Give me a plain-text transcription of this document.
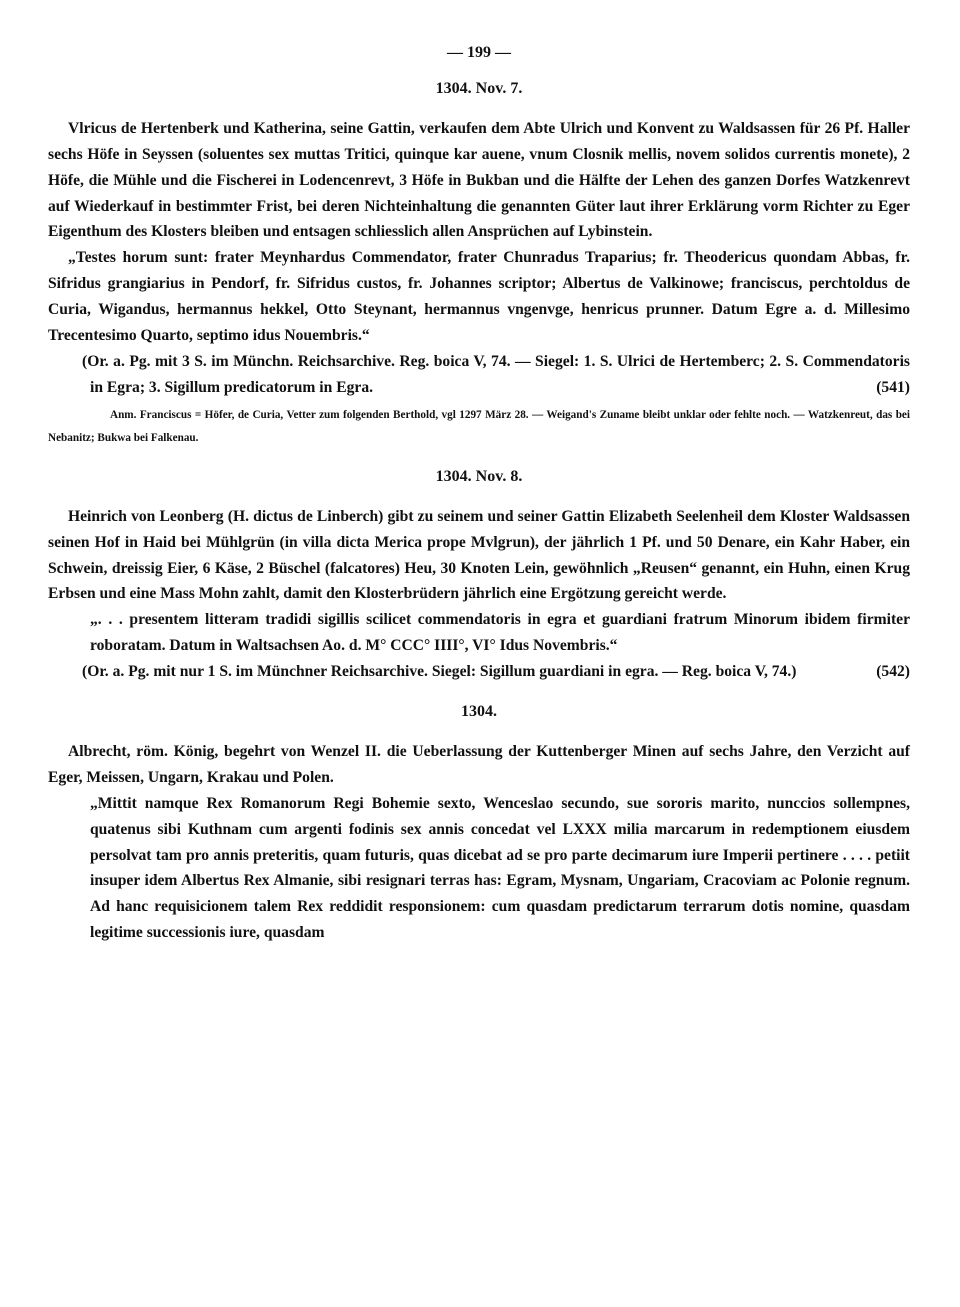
— 199 —
1304. Nov. 7.

Vlricus de Hertenberk und Katherina, seine Gattin, verkaufen dem Abte Ulrich und Konvent zu Waldsassen für 26 Pf. Haller sechs Höfe in Seyssen (soluentes sex muttas Tritici, quinque kar auene, vnum Closnik mellis, novem solidos currentis monete), 2 Höfe, die Mühle und die Fischerei in Lodencenrevt, 3 Höfe in Bukban und die Hälfte der Lehen des ganzen Dorfes Watzkenrevt auf Wiederkauf in bestimmter Frist, bei deren Nichteinhaltung die genannten Güter laut ihrer Erklärung vorm Richter zu Eger Eigenthum des Klosters bleiben und entsagen schliesslich allen Ansprüchen auf Lybinstein.

„Testes horum sunt: frater Meynhardus Commendator, frater Chunradus Traparius; fr. Theodericus quondam Abbas, fr. Sifridus grangiarius in Pendorf, fr. Sifridus custos, fr. Johannes scriptor; Albertus de Valkinowe; franciscus, perchtoldus de Curia, Wigandus, hermannus hekkel, Otto Steynant, hermannus vngenvge, henricus prunner. Datum Egre a. d. Millesimo Trecentesimo Quarto, septimo idus Nouembris.“

(Or. a. Pg. mit 3 S. im Münchn. Reichsarchive. Reg. boica V, 74. — Siegel: 1. S. Ulrici de Hertemberc; 2. S. Commendatoris in Egra; 3. Sigillum predicatorum in Egra.	(541)

Anm. Franciscus = Höfer, de Curia, Vetter zum folgenden Berthold, vgl 1297 März 28. — Weigand's Zuname bleibt unklar oder fehlte noch. — Watzkenreut, das bei Nebanitz; Bukwa bei Falkenau.

1304. Nov. 8.

Heinrich von Leonberg (H. dictus de Linberch) gibt zu seinem und seiner Gattin Elizabeth Seelenheil dem Kloster Waldsassen seinen Hof in Haid bei Mühlgrün (in villa dicta Merica prope Mvlgrun), der jährlich 1 Pf. und 50 Denare, ein Kahr Haber, ein Schwein, dreissig Eier, 6 Käse, 2 Büschel (falcatores) Heu, 30 Knoten Lein, gewöhnlich „Reusen“ genannt, ein Huhn, einen Krug Erbsen und eine Mass Mohn zahlt, damit den Klosterbrüdern jährlich eine Ergötzung gereicht werde.

„. . . presentem litteram tradidi sigillis scilicet commendatoris in egra et guardiani fratrum Minorum ibidem firmiter roboratam. Datum in Waltsachsen Ao. d. M° CCC° IIII°, VI° Idus Novembris.“

(Or. a. Pg. mit nur 1 S. im Münchner Reichsarchive. Siegel: Sigillum guardiani in egra. — Reg. boica V, 74.)	(542)

1304.

Albrecht, röm. König, begehrt von Wenzel II. die Ueberlassung der Kuttenberger Minen auf sechs Jahre, den Verzicht auf Eger, Meissen, Ungarn, Krakau und Polen.

„Mittit namque Rex Romanorum Regi Bohemie sexto, Wenceslao secundo, sue sororis marito, nunccios sollempnes, quatenus sibi Kuthnam cum argenti fodinis sex annis concedat vel LXXX milia marcarum in redemptionem eiusdem persolvat tam pro annis preteritis, quam futuris, quas dicebat ad se pro parte decimarum iure Imperii pertinere . . . . petiit insuper idem Albertus Rex Almanie, sibi resignari terras has: Egram, Mysnam, Ungariam, Cracoviam ac Polonie regnum. Ad hanc requisicionem talem Rex reddidit responsionem: cum quasdam predictarum terrarum dotis nomine, quasdam legitime successionis iure, quasdam
